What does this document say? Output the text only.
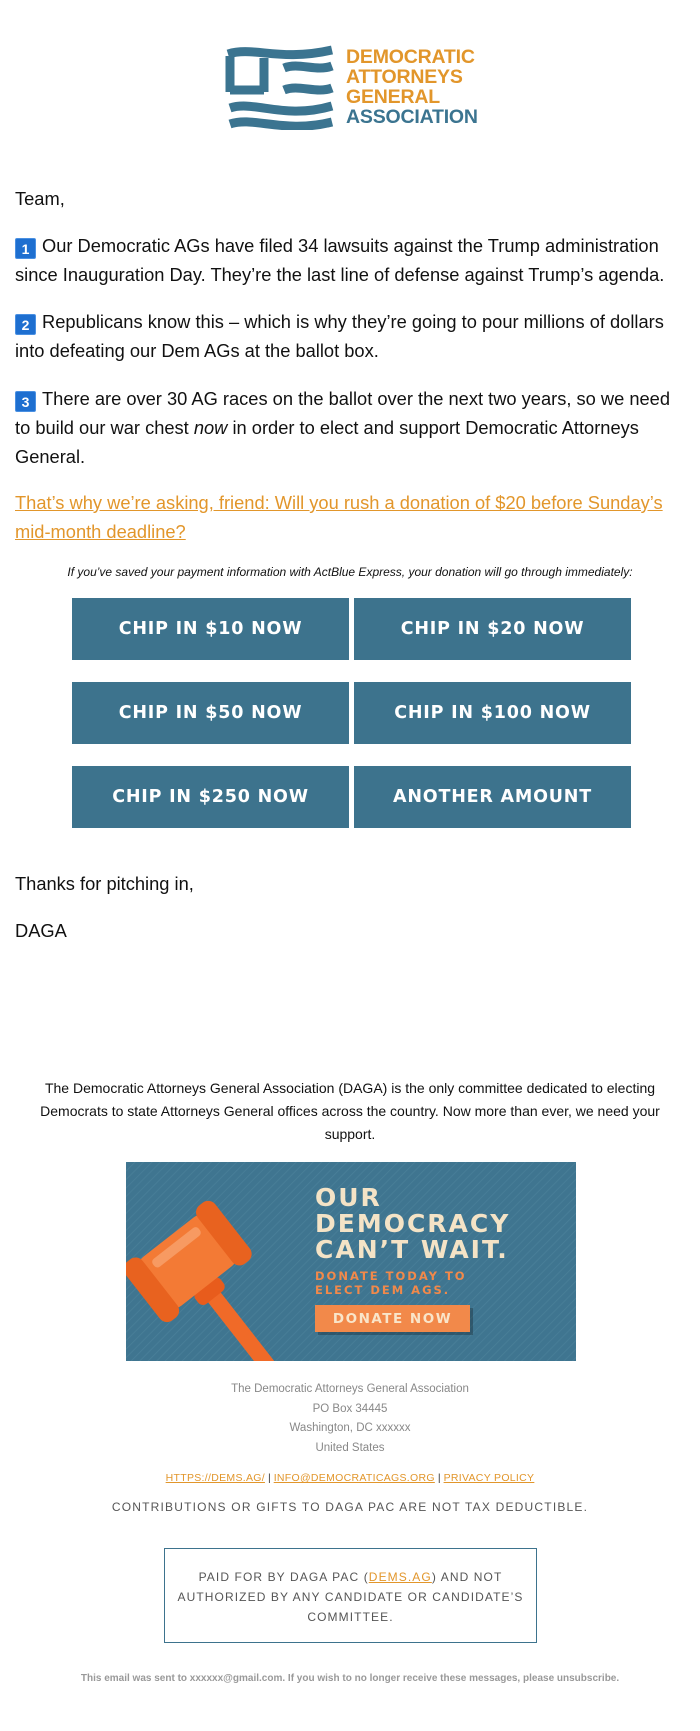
DEMOCRATIC
ATTORNEYS
GENERAL
ASSOCIATION
Team,
1 Our Democratic AGs have filed 34 lawsuits against the Trump administration since Inauguration Day. They’re the last line of defense against Trump’s agenda.
2 Republicans know this – which is why they’re going to pour millions of dollars into defeating our Dem AGs at the ballot box.
3 There are over 30 AG races on the ballot over the next two years, so we need to build our war chest now in order to elect and support Democratic Attorneys General.
That’s why we’re asking, friend: Will you rush a donation of $20 before Sunday’s mid-month deadline?
If you’ve saved your payment information with ActBlue Express, your donation will go through immediately:
CHIP IN $10 NOW	CHIP IN $20 NOW
CHIP IN $50 NOW	CHIP IN $100 NOW
CHIP IN $250 NOW	ANOTHER AMOUNT
Thanks for pitching in,
DAGA
The Democratic Attorneys General Association (DAGA) is the only committee dedicated to electing Democrats to state Attorneys General offices across the country. Now more than ever, we need your support.
OUR
DEMOCRACY
CAN’T WAIT.
DONATE TODAY TO
ELECT DEM AGS.
DONATE NOW
The Democratic Attorneys General Association
PO Box 34445
Washington, DC xxxxxx
United States
HTTPS://DEMS.AG/ | INFO@DEMOCRATICAGS.ORG | PRIVACY POLICY
CONTRIBUTIONS OR GIFTS TO DAGA PAC ARE NOT TAX DEDUCTIBLE.
PAID FOR BY DAGA PAC (DEMS.AG) AND NOT AUTHORIZED BY ANY CANDIDATE OR CANDIDATE’S COMMITTEE.
This email was sent to xxxxxx@gmail.com. If you wish to no longer receive these messages, please unsubscribe.
